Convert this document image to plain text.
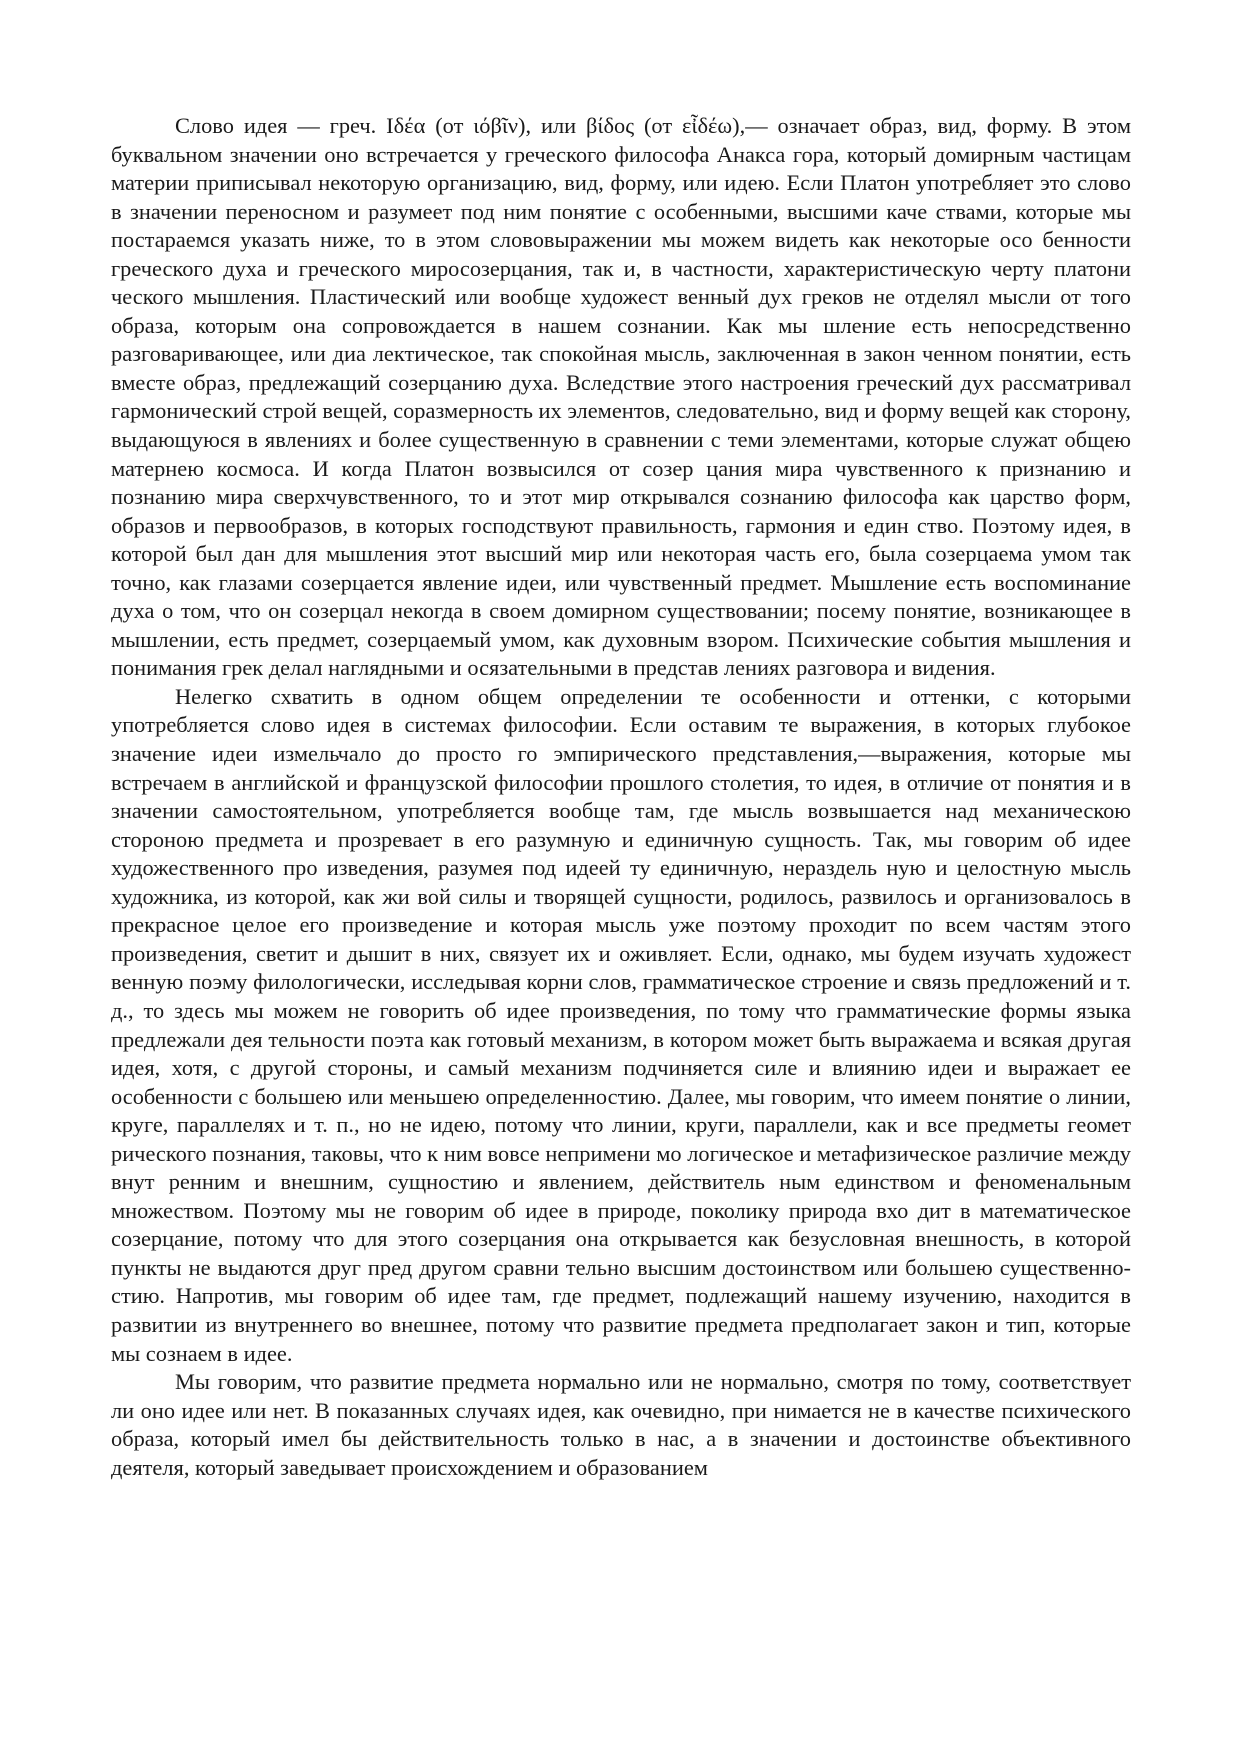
Слово идея — греч. Ιδέα (от ιόβῖν), или βίδος (от εἶδέω),— означает образ, вид, форму. В этом буквальном значении оно встречается у греческого философа Анакса гора, который домирным частицам материи приписывал некоторую организацию, вид, форму, или идею. Если Платон употребляет это слово в значении переносном и разумеет под ним понятие с особенными, высшими каче ствами, которые мы постараемся указать ниже, то в этом слововыражении мы можем видеть как некоторые осо бенности греческого духа и греческого миросозерцания, так и, в частности, характеристическую черту платони ческого мышления. Пластический или вообще художест венный дух греков не отделял мысли от того образа, которым она сопровождается в нашем сознании. Как мы шление есть непосредственно разговаривающее, или диа лектическое, так спокойная мысль, заключенная в закон ченном понятии, есть вместе образ, предлежащий созерцанию духа. Вследствие этого настроения греческий дух рассматривал гармонический строй вещей, соразмерность их элементов, следовательно, вид и форму вещей как сторону, выдающуюся в явлениях и более существенную в сравнении с теми элементами, которые служат общею матернею космоса. И когда Платон возвысился от созер цания мира чувственного к признанию и познанию мира сверхчувственного, то и этот мир открывался сознанию философа как царство форм, образов и первообразов, в которых господствуют правильность, гармония и един ство. Поэтому идея, в которой был дан для мышления этот высший мир или некоторая часть его, была созерцаема умом так точно, как глазами созерцается явление идеи, или чувственный предмет. Мышление есть воспоминание духа о том, что он созерцал некогда в своем домирном существовании; посему понятие, возникающее в мышлении, есть предмет, созерцаемый умом, как духовным взором. Психические события мышления и понимания грек делал наглядными и осязательными в представ лениях разговора и видения.

Нелегко схватить в одном общем определении те особенности и оттенки, с которыми употребляется слово идея в системах философии. Если оставим те выражения, в которых глубокое значение идеи измельчало до просто го эмпирического представления,—выражения, которые мы встречаем в английской и французской философии прошлого столетия, то идея, в отличие от понятия и в значении самостоятельном, употребляется вообще там, где мысль возвышается над механическою стороною предмета и прозревает в его разумную и единичную сущность. Так, мы говорим об идее художественного про изведения, разумея под идеей ту единичную, нераздель ную и целостную мысль художника, из которой, как жи вой силы и творящей сущности, родилось, развилось и организовалось в прекрасное целое его произведение и которая мысль уже поэтому проходит по всем частям этого произведения, светит и дышит в них, связует их и оживляет. Если, однако, мы будем изучать художест венную поэму филологически, исследывая корни слов, грамматическое строение и связь предложений и т. д., то здесь мы можем не говорить об идее произведения, по тому что грамматические формы языка предлежали дея тельности поэта как готовый механизм, в котором может быть выражаема и всякая другая идея, хотя, с другой стороны, и самый механизм подчиняется силе и влиянию идеи и выражает ее особенности с большею или меньшею определенностию. Далее, мы говорим, что имеем понятие о линии, круге, параллелях и т. п., но не идею, потому что линии, круги, параллели, как и все предметы геомет рического познания, таковы, что к ним вовсе непримени мо логическое и метафизическое различие между внут ренним и внешним, сущностию и явлением, действитель ным единством и феноменальным множеством. Поэтому мы не говорим об идее в природе, поколику природа вхо дит в математическое созерцание, потому что для этого созерцания она открывается как безусловная внешность, в которой пункты не выдаются друг пред другом сравни тельно высшим достоинством или большею существенно-стию. Напротив, мы говорим об идее там, где предмет, подлежащий нашему изучению, находится в развитии из внутреннего во внешнее, потому что развитие предмета предполагает закон и тип, которые мы сознаем в идее.

Мы говорим, что развитие предмета нормально или не нормально, смотря по тому, соответствует ли оно идее или нет. В показанных случаях идея, как очевидно, при нимается не в качестве психического образа, который имел бы действительность только в нас, а в значении и достоинстве объективного деятеля, который заведывает происхождением и образованием
